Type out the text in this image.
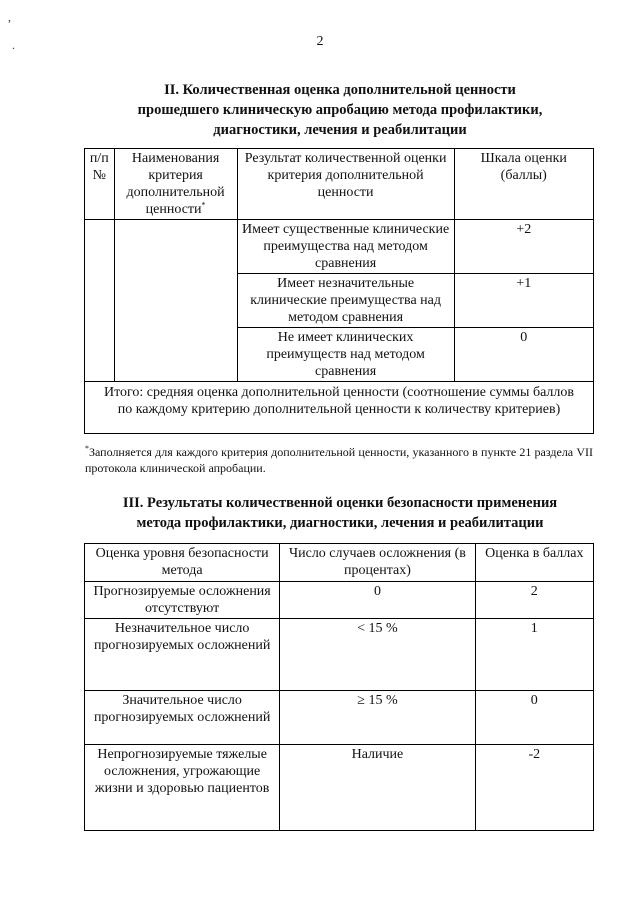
,
.	2
II. Количественная оценка дополнительной ценности
прошедшего клиническую апробацию метода профилактики,
диагностики, лечения и реабилитации
п/п №	Наименования критерия дополнительной ценности*	Результат количественной оценки критерия дополнительной ценности	Шкала оценки (баллы)
		Имеет существенные клинические преимущества над методом сравнения	+2
		Имеет незначительные клинические преимущества над методом сравнения	+1
		Не имеет клинических преимуществ над методом сравнения	0
Итого: средняя оценка дополнительной ценности (соотношение суммы баллов по каждому критерию дополнительной ценности к количеству критериев)			
*Заполняется для каждого критерия дополнительной ценности, указанного в пункте 21 раздела VII протокола клинической апробации.
III. Результаты количественной оценки безопасности применения
метода профилактики, диагностики, лечения и реабилитации
Оценка уровня безопасности метода	Число случаев осложнения (в процентах)	Оценка в баллах
Прогнозируемые осложнения отсутствуют	0	2
Незначительное число прогнозируемых осложнений	< 15 %	1
Значительное число прогнозируемых осложнений	≥ 15 %	0
Непрогнозируемые тяжелые осложнения, угрожающие жизни и здоровью пациентов	Наличие	-2
